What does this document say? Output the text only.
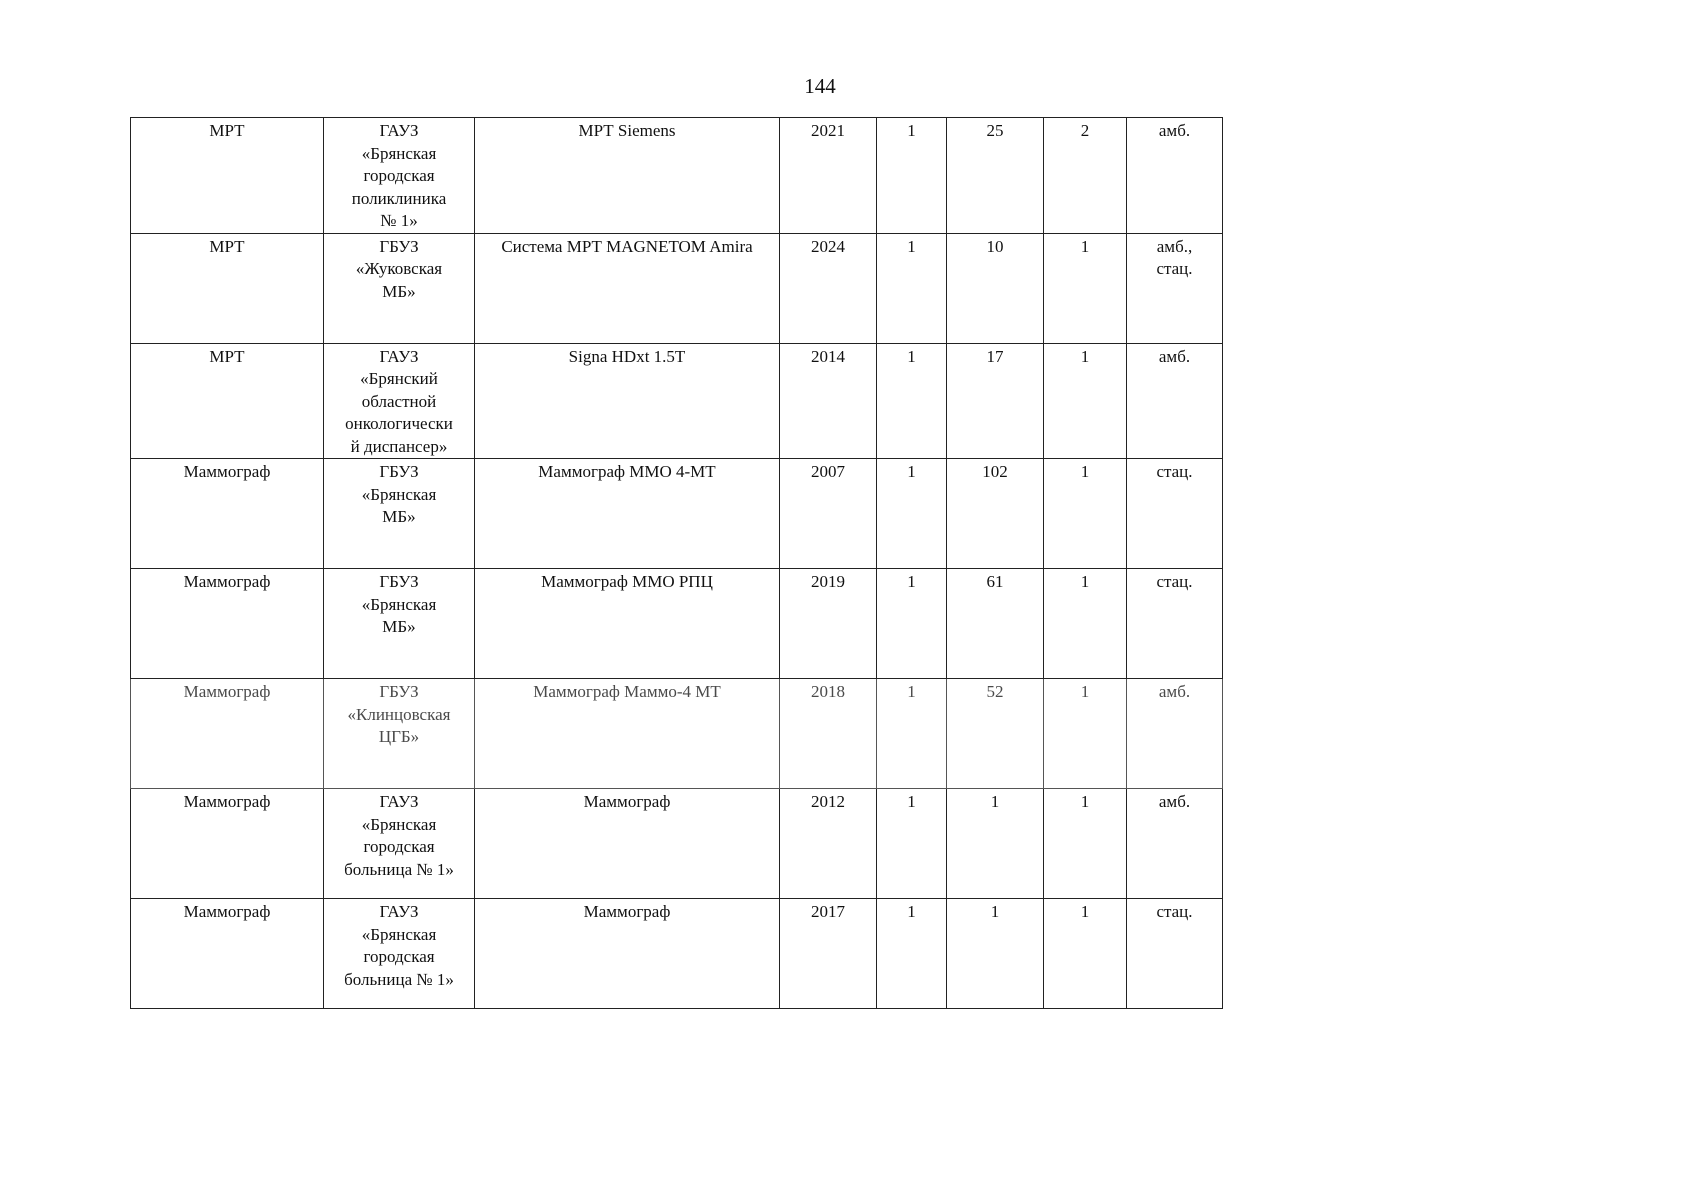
144
МРТ	ГАУЗ
«Брянская
городская
поликлиника
№ 1»	МРТ Siemens	2021	1	25	2	амб.

МРТ	ГБУЗ
«Жуковская
МБ»	Система МРТ MAGNETOM Amira	2024	1	10	1	амб.,
стац.

МРТ	ГАУЗ
«Брянский
областной
онкологически
й диспансер»	Signa HDxt 1.5T	2014	1	17	1	амб.

Маммограф	ГБУЗ
«Брянская
МБ»	Маммограф ММО 4-МТ	2007	1	102	1	стац.

Маммограф	ГБУЗ
«Брянская
МБ»	Маммограф ММО РПЦ	2019	1	61	1	стац.

Маммограф	ГБУЗ
«Клинцовская
ЦГБ»	Маммограф Маммо-4 МТ	2018	1	52	1	амб.

Маммограф	ГАУЗ
«Брянская
городская
больница № 1»	Маммограф	2012	1	1	1	амб.

Маммограф	ГАУЗ
«Брянская
городская
больница № 1»	Маммограф	2017	1	1	1	стац.
